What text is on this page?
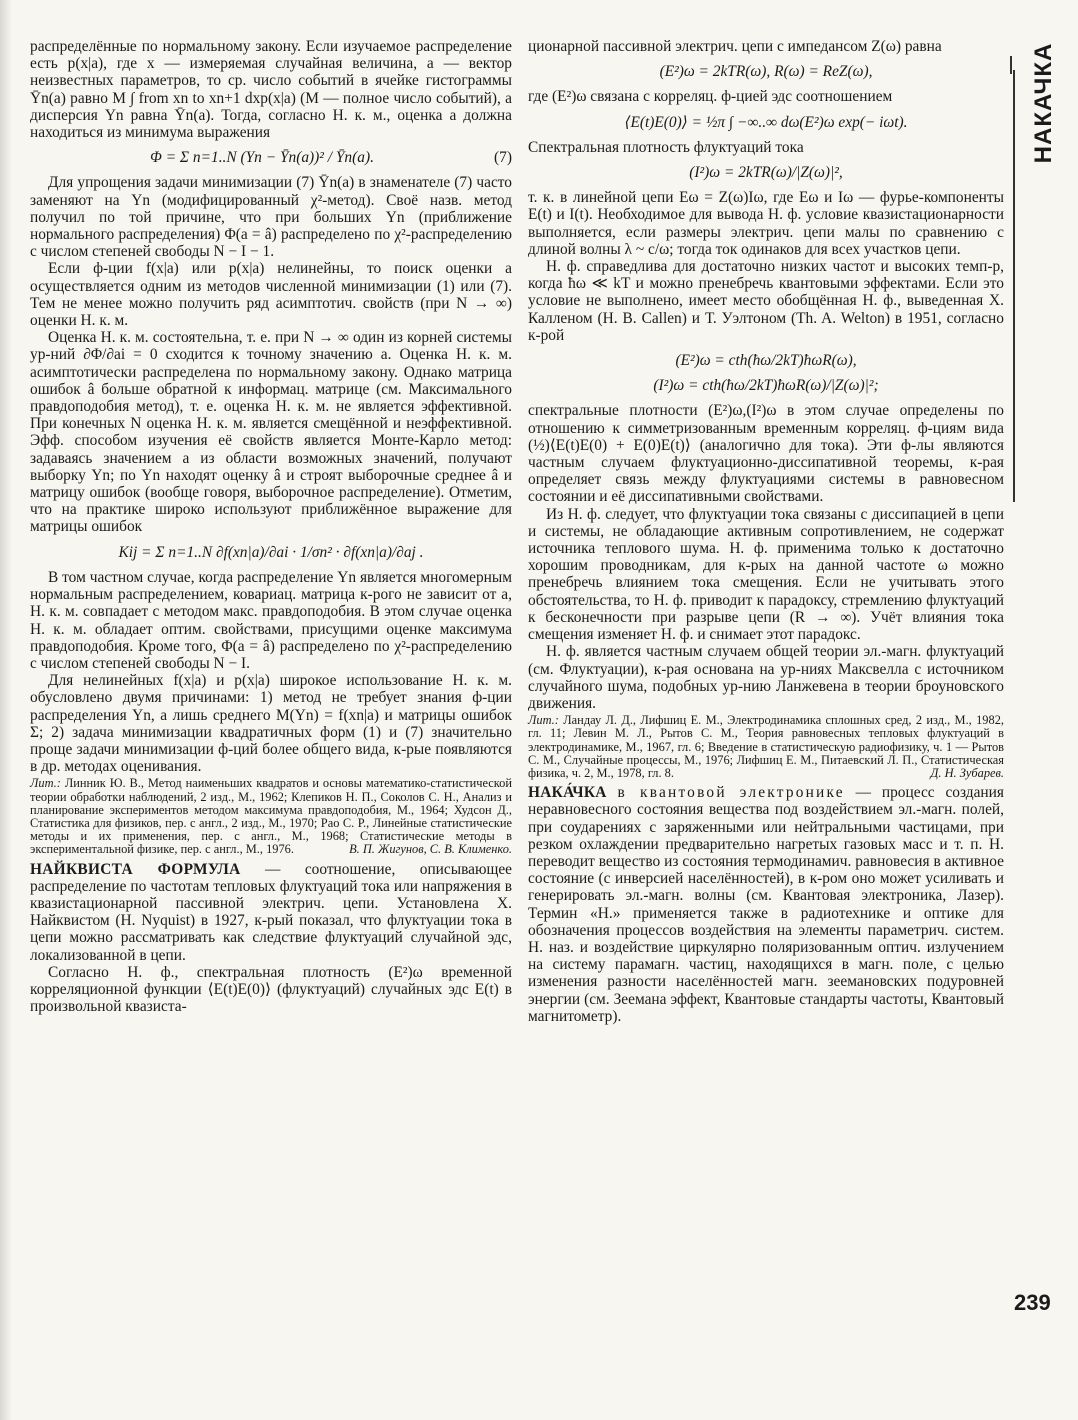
распределённые по нормальному закону. Если изучаемое распределение есть p(x|a), где x — измеряемая случайная величина, a — вектор неизвестных параметров, то ср. число событий в ячейке гистограммы Ȳn(a) равно M ∫ from xn to xn+1 dxp(x|a) (M — полное число событий), а дисперсия Yn равна Ȳn(a). Тогда, согласно Н. к. м., оценка a должна находиться из минимума выражения

Φ = Σ n=1..N (Yn − Ȳn(a))² / Ȳn(a).	(7)

Для упрощения задачи минимизации (7) Ȳn(a) в знаменателе (7) часто заменяют на Yn (модифицированный χ²-метод). Своё назв. метод получил по той причине, что при больших Yn (приближение нормального распределения) Φ(a = â) распределено по χ²-распределению с числом степеней свободы N − I − 1.

Если ф-ции f(x|a) или p(x|a) нелинейны, то поиск оценки a осуществляется одним из методов численной минимизации (1) или (7). Тем не менее можно получить ряд асимптотич. свойств (при N → ∞) оценки Н. к. м.

Оценка Н. к. м. состоятельна, т. е. при N → ∞ один из корней системы ур-ний ∂Φ/∂ai = 0 сходится к точному значению a. Оценка Н. к. м. асимптотически распределена по нормальному закону. Однако матрица ошибок â больше обратной к информац. матрице (см. Максимального правдоподобия метод), т. е. оценка Н. к. м. не является эффективной. При конечных N оценка Н. к. м. является смещённой и неэффективной. Эфф. способом изучения её свойств является Монте-Карло метод: задаваясь значением a из области возможных значений, получают выборку Yn; по Yn находят оценку â и строят выборочные среднее â и матрицу ошибок (вообще говоря, выборочное распределение). Отметим, что на практике широко используют приближённое выражение для матрицы ошибок

Kij = Σ n=1..N ∂f(xn|a)/∂ai · 1/σn² · ∂f(xn|a)/∂aj .

В том частном случае, когда распределение Yn является многомерным нормальным распределением, ковариац. матрица к-рого не зависит от a, Н. к. м. совпадает с методом макс. правдоподобия. В этом случае оценка Н. к. м. обладает оптим. свойствами, присущими оценке максимума правдоподобия. Кроме того, Φ(a = â) распределено по χ²-распределению с числом степеней свободы N − I.

Для нелинейных f(x|a) и p(x|a) широкое использование Н. к. м. обусловлено двумя причинами: 1) метод не требует знания ф-ции распределения Yn, а лишь среднего M(Yn) = f(xn|a) и матрицы ошибок Σ; 2) задача минимизации квадратичных форм (1) и (7) значительно проще задачи минимизации ф-ций более общего вида, к-рые появляются в др. методах оценивания.

Лит.: Линник Ю. В., Метод наименьших квадратов и основы математико-статистической теории обработки наблюдений, 2 изд., М., 1962; Клепиков Н. П., Соколов С. Н., Анализ и планирование экспериментов методом максимума правдоподобия, М., 1964; Худсон Д., Статистика для физиков, пер. с англ., 2 изд., М., 1970; Рао С. Р., Линейные статистические методы и их применения, пер. с англ., М., 1968; Статистические методы в экспериментальной физике, пер. с англ., М., 1976.	В. П. Жигунов, С. В. Клименко.

НАЙКВИСТА ФОРМУЛА — соотношение, описывающее распределение по частотам тепловых флуктуаций тока или напряжения в квазистационарной пассивной электрич. цепи. Установлена Х. Найквистом (H. Nyquist) в 1927, к-рый показал, что флуктуации тока в цепи можно рассматривать как следствие флуктуаций случайной эдс, локализованной в цепи.

Согласно Н. ф., спектральная плотность (E²)ω временной корреляционной функции ⟨E(t)E(0)⟩ (флуктуаций) случайных эдс E(t) в произвольной квазиста-

ционарной пассивной электрич. цепи с импедансом Z(ω) равна

(E²)ω = 2kTR(ω), R(ω) = ReZ(ω),

где (E²)ω связана с корреляц. ф-цией эдс соотношением

⟨E(t)E(0)⟩ = ½π ∫ −∞..∞ dω(E²)ω exp(− iωt).

Спектральная плотность флуктуаций тока

(I²)ω = 2kTR(ω)/|Z(ω)|²,

т. к. в линейной цепи Eω = Z(ω)Iω, где Eω и Iω — фурье-компоненты E(t) и I(t). Необходимое для вывода Н. ф. условие квазистационарности выполняется, если размеры электрич. цепи малы по сравнению с длиной волны λ ~ c/ω; тогда ток одинаков для всех участков цепи.

Н. ф. справедлива для достаточно низких частот и высоких темп-р, когда ħω ≪ kT и можно пренебречь квантовыми эффектами. Если это условие не выполнено, имеет место обобщённая Н. ф., выведенная Х. Калленом (H. B. Callen) и Т. Уэлтоном (Th. A. Welton) в 1951, согласно к-рой

(E²)ω = cth(ħω/2kT)ħωR(ω),
(I²)ω = cth(ħω/2kT)ħωR(ω)/|Z(ω)|²;

спектральные плотности (E²)ω,(I²)ω в этом случае определены по отношению к симметризованным временным корреляц. ф-циям вида (½)⟨E(t)E(0) + E(0)E(t)⟩ (аналогично для тока). Эти ф-лы являются частным случаем флуктуационно-диссипативной теоремы, к-рая определяет связь между флуктуациями системы в равновесном состоянии и её диссипативными свойствами.

Из Н. ф. следует, что флуктуации тока связаны с диссипацией в цепи и системы, не обладающие активным сопротивлением, не содержат источника теплового шума. Н. ф. применима только к достаточно хорошим проводникам, для к-рых на данной частоте ω можно пренебречь влиянием тока смещения. Если не учитывать этого обстоятельства, то Н. ф. приводит к парадоксу, стремлению флуктуаций к бесконечности при разрыве цепи (R → ∞). Учёт влияния тока смещения изменяет Н. ф. и снимает этот парадокс.

Н. ф. является частным случаем общей теории эл.-магн. флуктуаций (см. Флуктуации), к-рая основана на ур-ниях Максвелла с источником случайного шума, подобных ур-нию Ланжевена в теории броуновского движения.

Лит.: Ландау Л. Д., Лифшиц Е. М., Электродинамика сплошных сред, 2 изд., М., 1982, гл. 11; Левин М. Л., Рытов С. М., Теория равновесных тепловых флуктуаций в электродинамике, М., 1967, гл. 6; Введение в статистическую радиофизику, ч. 1 — Рытов С. М., Случайные процессы, М., 1976; Лифшиц Е. М., Питаевский Л. П., Статистическая физика, ч. 2, М., 1978, гл. 8.	Д. Н. Зубарев.

НАКА́ЧКА в квантовой электронике — процесс создания неравновесного состояния вещества под воздействием эл.-магн. полей, при соударениях с заряженными или нейтральными частицами, при резком охлаждении предварительно нагретых газовых масс и т. п. Н. переводит вещество из состояния термодинамич. равновесия в активное состояние (с инверсией населённостей), в к-ром оно может усиливать и генерировать эл.-магн. волны (см. Квантовая электроника, Лазер). Термин «Н.» применяется также в радиотехнике и оптике для обозначения процессов воздействия на элементы параметрич. систем. Н. наз. и воздействие циркулярно поляризованным оптич. излучением на систему парамагн. частиц, находящихся в магн. поле, с целью изменения разности населённостей магн. зеемановских подуровней энергии (см. Зеемана эффект, Квантовые стандарты частоты, Квантовый магнитометр).

НАКАЧКА
239
